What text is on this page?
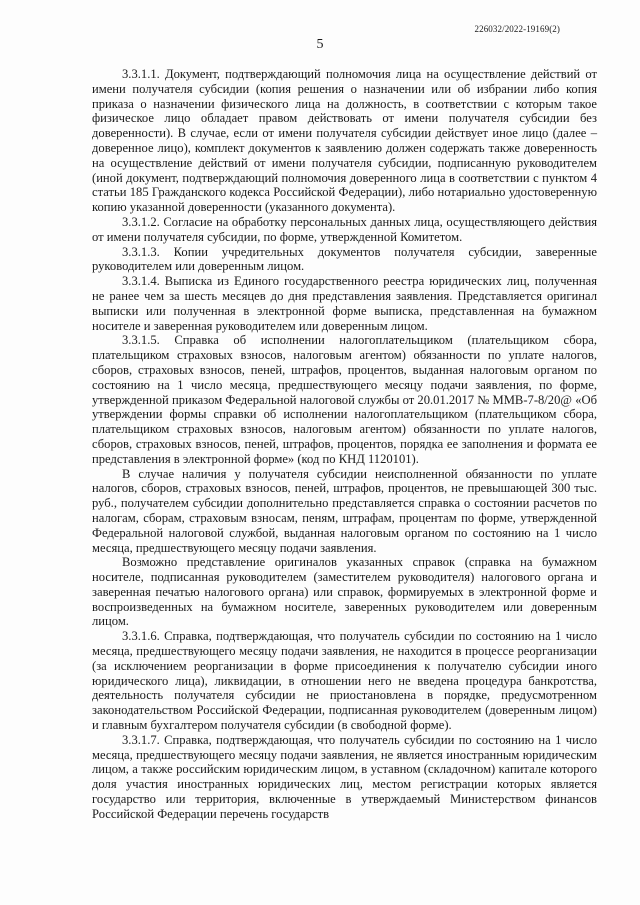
226032/2022-19169(2)
5

3.3.1.1. Документ, подтверждающий полномочия лица на осуществление действий от имени получателя субсидии (копия решения о назначении или об избрании либо копия приказа о назначении физического лица на должность, в соответствии с которым такое физическое лицо обладает правом действовать от имени получателя субсидии без доверенности). В случае, если от имени получателя субсидии действует иное лицо (далее – доверенное лицо), комплект документов к заявлению должен содержать также доверенность на осуществление действий от имени получателя субсидии, подписанную руководителем (иной документ, подтверждающий полномочия доверенного лица в соответствии с пунктом 4 статьи 185 Гражданского кодекса Российской Федерации), либо нотариально удостоверенную копию указанной доверенности (указанного документа).

3.3.1.2. Согласие на обработку персональных данных лица, осуществляющего действия от имени получателя субсидии, по форме, утвержденной Комитетом.

3.3.1.3. Копии учредительных документов получателя субсидии, заверенные руководителем или доверенным лицом.

3.3.1.4. Выписка из Единого государственного реестра юридических лиц, полученная не ранее чем за шесть месяцев до дня представления заявления. Представляется оригинал выписки или полученная в электронной форме выписка, представленная на бумажном носителе и заверенная руководителем или доверенным лицом.

3.3.1.5. Справка об исполнении налогоплательщиком (плательщиком сбора, плательщиком страховых взносов, налоговым агентом) обязанности по уплате налогов, сборов, страховых взносов, пеней, штрафов, процентов, выданная налоговым органом по состоянию на 1 число месяца, предшествующего месяцу подачи заявления, по форме, утвержденной приказом Федеральной налоговой службы от 20.01.2017 № ММВ-7-8/20@ «Об утверждении формы справки об исполнении налогоплательщиком (плательщиком сбора, плательщиком страховых взносов, налоговым агентом) обязанности по уплате налогов, сборов, страховых взносов, пеней, штрафов, процентов, порядка ее заполнения и формата ее представления в электронной форме» (код по КНД 1120101).

В случае наличия у получателя субсидии неисполненной обязанности по уплате налогов, сборов, страховых взносов, пеней, штрафов, процентов, не превышающей 300 тыс. руб., получателем субсидии дополнительно представляется справка о состоянии расчетов по налогам, сборам, страховым взносам, пеням, штрафам, процентам по форме, утвержденной Федеральной налоговой службой, выданная налоговым органом по состоянию на 1 число месяца, предшествующего месяцу подачи заявления.

Возможно представление оригиналов указанных справок (справка на бумажном носителе, подписанная руководителем (заместителем руководителя) налогового органа и заверенная печатью налогового органа) или справок, формируемых в электронной форме и воспроизведенных на бумажном носителе, заверенных руководителем или доверенным лицом.

3.3.1.6. Справка, подтверждающая, что получатель субсидии по состоянию на 1 число месяца, предшествующего месяцу подачи заявления, не находится в процессе реорганизации (за исключением реорганизации в форме присоединения к получателю субсидии иного юридического лица), ликвидации, в отношении него не введена процедура банкротства, деятельность получателя субсидии не приостановлена в порядке, предусмотренном законодательством Российской Федерации, подписанная руководителем (доверенным лицом) и главным бухгалтером получателя субсидии (в свободной форме).

3.3.1.7. Справка, подтверждающая, что получатель субсидии по состоянию на 1 число месяца, предшествующего месяцу подачи заявления, не является иностранным юридическим лицом, а также российским юридическим лицом, в уставном (складочном) капитале которого доля участия иностранных юридических лиц, местом регистрации которых является государство или территория, включенные в утверждаемый Министерством финансов Российской Федерации перечень государств
